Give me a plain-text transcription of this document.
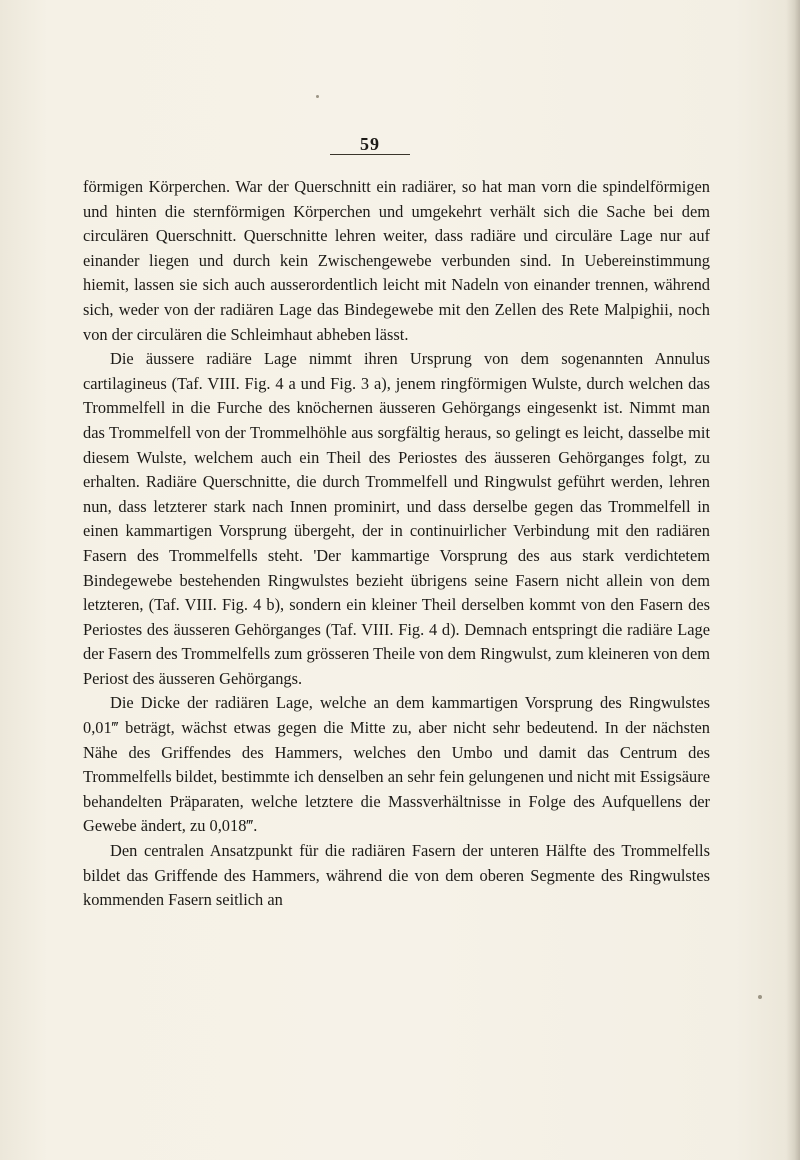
59

förmigen Körperchen. War der Querschnitt ein radiärer, so hat man vorn die spindelförmigen und hinten die sternförmigen Körperchen und umgekehrt verhält sich die Sache bei dem circulären Querschnitt. Querschnitte lehren weiter, dass radiäre und circuläre Lage nur auf einander liegen und durch kein Zwischengewebe verbunden sind. In Uebereinstimmung hiemit, lassen sie sich auch ausserordentlich leicht mit Nadeln von einander trennen, während sich, weder von der radiären Lage das Bindegewebe mit den Zellen des Rete Malpighii, noch von der circulären die Schleimhaut abheben lässt.

Die äussere radiäre Lage nimmt ihren Ursprung von dem sogenannten Annulus cartilagineus (Taf. VIII. Fig. 4 a und Fig. 3 a), jenem ringförmigen Wulste, durch welchen das Trommelfell in die Furche des knöchernen äusseren Gehörgangs eingesenkt ist. Nimmt man das Trommelfell von der Trommelhöhle aus sorgfältig heraus, so gelingt es leicht, dasselbe mit diesem Wulste, welchem auch ein Theil des Periostes des äusseren Gehörganges folgt, zu erhalten. Radiäre Querschnitte, die durch Trommelfell und Ringwulst geführt werden, lehren nun, dass letzterer stark nach Innen prominirt, und dass derselbe gegen das Trommelfell in einen kammartigen Vorsprung übergeht, der in continuirlicher Verbindung mit den radiären Fasern des Trommelfells steht. 'Der kammartige Vorsprung des aus stark verdichtetem Bindegewebe bestehenden Ringwulstes bezieht übrigens seine Fasern nicht allein von dem letzteren, (Taf. VIII. Fig. 4 b), sondern ein kleiner Theil derselben kommt von den Fasern des Periostes des äusseren Gehörganges (Taf. VIII. Fig. 4 d). Demnach entspringt die radiäre Lage der Fasern des Trommelfells zum grösseren Theile von dem Ringwulst, zum kleineren von dem Periost des äusseren Gehörgangs.

Die Dicke der radiären Lage, welche an dem kammartigen Vorsprung des Ringwulstes 0,01‴ beträgt, wächst etwas gegen die Mitte zu, aber nicht sehr bedeutend. In der nächsten Nähe des Griffendes des Hammers, welches den Umbo und damit das Centrum des Trommelfells bildet, bestimmte ich denselben an sehr fein gelungenen und nicht mit Essigsäure behandelten Präparaten, welche letztere die Massverhältnisse in Folge des Aufquellens der Gewebe ändert, zu 0,018‴.

Den centralen Ansatzpunkt für die radiären Fasern der unteren Hälfte des Trommelfells bildet das Griffende des Hammers, während die von dem oberen Segmente des Ringwulstes kommenden Fasern seitlich an
